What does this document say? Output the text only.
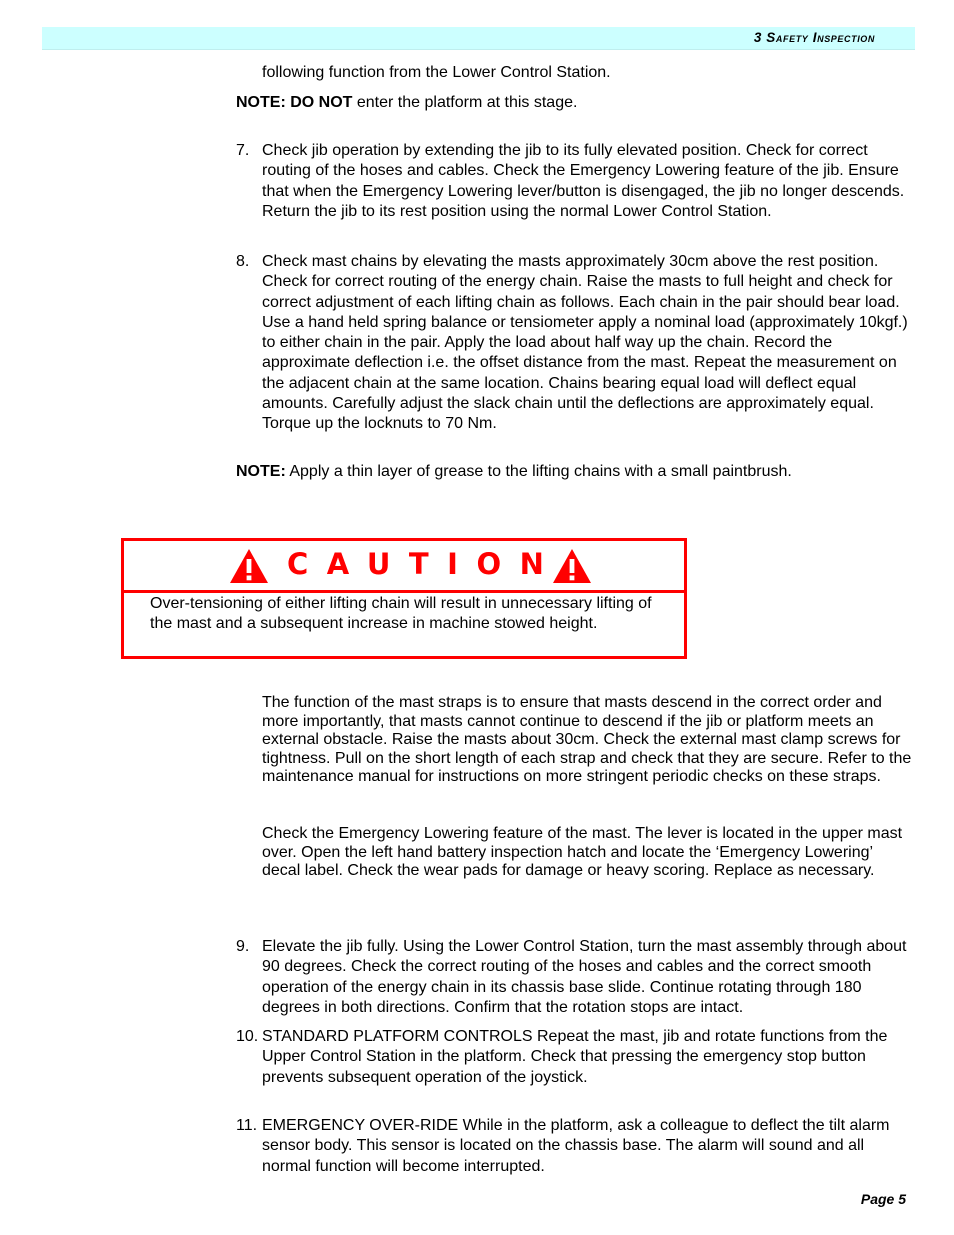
3 Safety Inspection

following function from the Lower Control Station.

NOTE: DO NOT enter the platform at this stage.

7. Check jib operation by extending the jib to its fully elevated position. Check for correct routing of the hoses and cables. Check the Emergency Lowering feature of the jib. Ensure that when the Emergency Lowering lever/button is disengaged, the jib no longer descends. Return the jib to its rest position using the normal Lower Control Station.

8. Check mast chains by elevating the masts approximately 30cm above the rest position. Check for correct routing of the energy chain. Raise the masts to full height and check for correct adjustment of each lifting chain as follows. Each chain in the pair should bear load. Use a hand held spring balance or tensiometer apply a nominal load (approximately 10kgf.) to either chain in the pair. Apply the load about half way up the chain. Record the approximate deflection i.e. the offset distance from the mast. Repeat the measurement on the adjacent chain at the same location. Chains bearing equal load will deflect equal amounts. Carefully adjust the slack chain until the deflections are approximately equal. Torque up the locknuts to 70 Nm.

NOTE: Apply a thin layer of grease to the lifting chains with a small paintbrush.

CAUTION

Over-tensioning of either lifting chain will result in unnecessary lifting of the mast and a subsequent increase in machine stowed height.

The function of the mast straps is to ensure that masts descend in the correct order and more importantly, that masts cannot continue to descend if the jib or platform meets an external obstacle. Raise the masts about 30cm. Check the external mast clamp screws for tightness. Pull on the short length of each strap and check that they are secure. Refer to the maintenance manual for instructions on more stringent periodic checks on these straps.

Check the Emergency Lowering feature of the mast. The lever is located in the upper mast over. Open the left hand battery inspection hatch and locate the ‘Emergency Lowering’ decal label. Check the wear pads for damage or heavy scoring. Replace as necessary.

9. Elevate the jib fully. Using the Lower Control Station, turn the mast assembly through about 90 degrees. Check the correct routing of the hoses and cables and the correct smooth operation of the energy chain in its chassis base slide. Continue rotating through 180 degrees in both directions. Confirm that the rotation stops are intact.

10. STANDARD PLATFORM CONTROLS Repeat the mast, jib and rotate functions from the Upper Control Station in the platform. Check that pressing the emergency stop button prevents subsequent operation of the joystick.

11. EMERGENCY OVER-RIDE While in the platform, ask a colleague to deflect the tilt alarm sensor body. This sensor is located on the chassis base. The alarm will sound and all normal function will become interrupted.

Page 5
